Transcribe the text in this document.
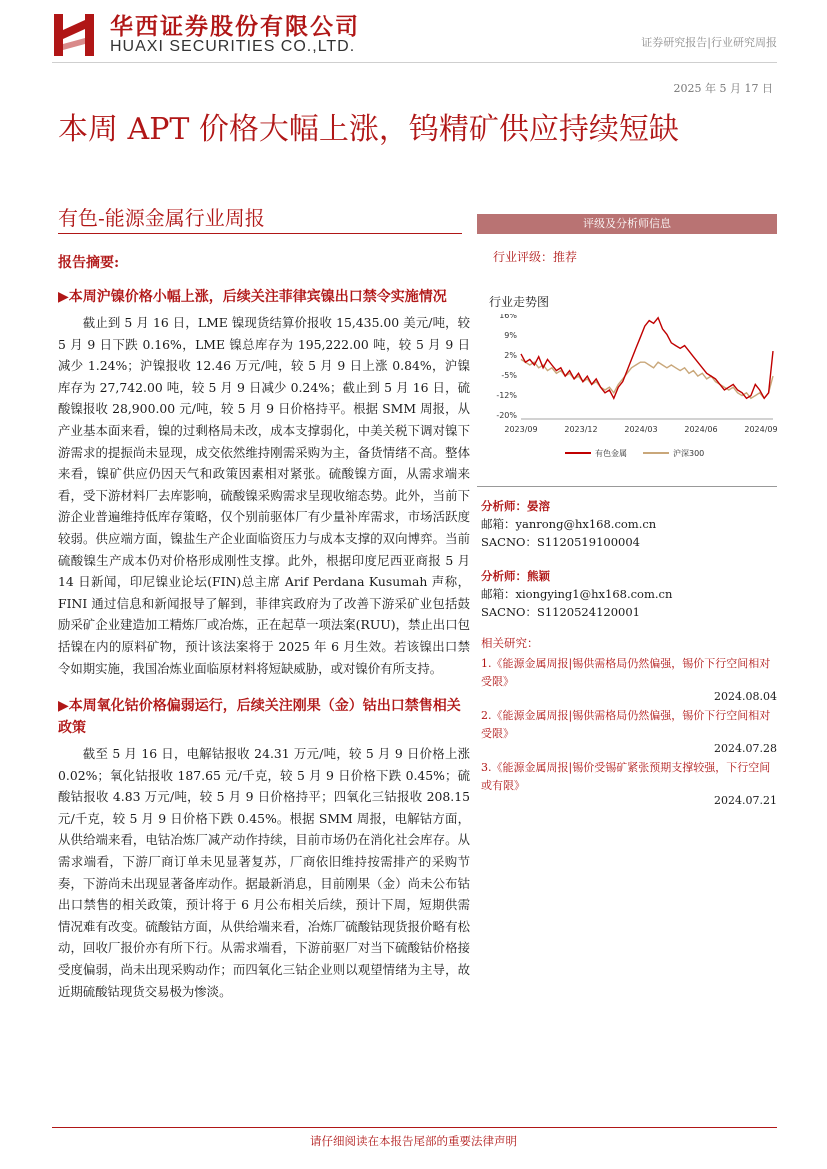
华西证券股份有限公司
HUAXI SECURITIES CO.,LTD.	证券研究报告|行业研究周报
2025 年 5 月 17 日
本周 APT 价格大幅上涨，钨精矿供应持续短缺
有色-能源金属行业周报
报告摘要:
▶本周沪镍价格小幅上涨，后续关注菲律宾镍出口禁令实施情况

截止到 5 月 16 日，LME 镍现货结算价报收 15,435.00 美元/吨，较 5 月 9 日下跌 0.16%，LME 镍总库存为 195,222.00 吨，较 5 月 9 日减少 1.24%；沪镍报收 12.46 万元/吨，较 5 月 9 日上涨 0.84%，沪镍库存为 27,742.00 吨，较 5 月 9 日减少 0.24%；截止到 5 月 16 日，硫酸镍报收 28,900.00 元/吨，较 5 月 9 日价格持平。根据 SMM 周报，从产业基本面来看，镍的过剩格局未改，成本支撑弱化，中美关税下调对镍下游需求的提振尚未显现，成交依然维持刚需采购为主，备货情绪不高。整体来看，镍矿供应仍因天气和政策因素相对紧张。硫酸镍方面，从需求端来看，受下游材料厂去库影响，硫酸镍采购需求呈现收缩态势。此外，当前下游企业普遍维持低库存策略，仅个别前驱体厂有少量补库需求，市场活跃度较弱。供应端方面，镍盐生产企业面临资压力与成本支撑的双向博弈。当前硫酸镍生产成本仍对价格形成刚性支撑。此外，根据印度尼西亚商报 5 月 14 日新闻，印尼镍业论坛(FIN)总主席 Arif Perdana Kusumah 声称，FINI 通过信息和新闻报导了解到，菲律宾政府为了改善下游采矿业包括鼓励采矿企业建造加工精炼厂或冶炼，正在起草一项法案(RUU)，禁止出口包括镍在内的原料矿物，预计该法案将于 2025 年 6 月生效。若该镍出口禁令如期实施，我国冶炼业面临原材料将短缺威胁，或对镍价有所支持。

▶本周氧化钴价格偏弱运行，后续关注刚果（金）钴出口禁售相关政策

截至 5 月 16 日，电解钴报收 24.31 万元/吨，较 5 月 9 日价格上涨 0.02%；氧化钴报收 187.65 元/千克，较 5 月 9 日价格下跌 0.45%；硫酸钴报收 4.83 万元/吨，较 5 月 9 日价格持平；四氧化三钴报收 208.15 元/千克，较 5 月 9 日价格下跌 0.45%。根据 SMM 周报，电解钴方面，从供给端来看，电钴冶炼厂减产动作持续，目前市场仍在消化社会库存。从需求端看，下游厂商订单未见显著复苏，厂商依旧维持按需排产的采购节奏，下游尚未出现显著备库动作。据最新消息，目前刚果（金）尚未公布钴出口禁售的相关政策，预计将于 6 月公布相关后续，预计下周，短期供需情况难有改变。硫酸钴方面，从供给端来看，冶炼厂硫酸钴现货报价略有松动，回收厂报价亦有所下行。从需求端看，下游前驱厂对当下硫酸钴价格接受度偏弱，尚未出现采购动作；而四氧化三钴企业则以观望情绪为主导，故近期硫酸钴现货交易极为惨淡。

评级及分析师信息
行业评级：推荐
行业走势图
16%
9%
2%
-5%
-12%
-20%
2023/09	2023/12	2024/03	2024/06	2024/09
有色金属	沪深300
分析师：晏溶
邮箱：yanrong@hx168.com.cn
SACNO：S1120519100004
分析师：熊颖
邮箱：xiongying1@hx168.com.cn
SACNO：S1120524120001
相关研究：
1.《能源金属周报|锡供需格局仍然偏强，锡价下行空间相对受限》
2024.08.04
2.《能源金属周报|锡供需格局仍然偏强，锡价下行空间相对受限》
2024.07.28
3.《能源金属周报|锡价受锡矿紧张预期支撑较强，下行空间或有限》
2024.07.21
请仔细阅读在本报告尾部的重要法律声明
